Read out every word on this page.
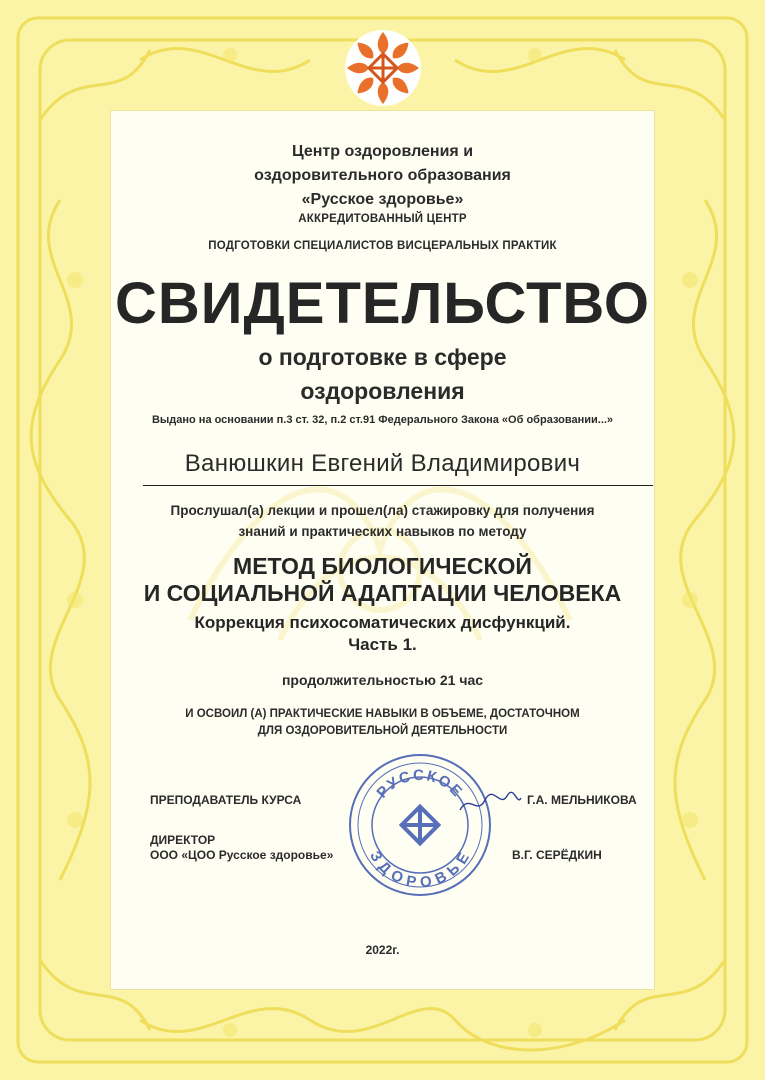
Центр оздоровления и
оздоровительного образования
«Русское здоровье»
АККРЕДИТОВАННЫЙ ЦЕНТР
ПОДГОТОВКИ СПЕЦИАЛИСТОВ ВИСЦЕРАЛЬНЫХ ПРАКТИК
СВИДЕТЕЛЬСТВО
о подготовке в сфере
оздоровления
Выдано на основании п.3 ст. 32, п.2 ст.91 Федерального Закона «Об образовании...»
Ванюшкин Евгений Владимирович
Прослушал(а) лекции и прошел(ла) стажировку для получения
знаний и практических навыков по методу
МЕТОД БИОЛОГИЧЕСКОЙ
И СОЦИАЛЬНОЙ АДАПТАЦИИ ЧЕЛОВЕКА
Коррекция психосоматических дисфункций.
Часть 1.
продолжительностью 21 час
И ОСВОИЛ (А) ПРАКТИЧЕСКИЕ НАВЫКИ В ОБЪЕМЕ, ДОСТАТОЧНОМ
ДЛЯ ОЗДОРОВИТЕЛЬНОЙ ДЕЯТЕЛЬНОСТИ
РУССКОЕ
ЗДОРОВЬЕ
ПРЕПОДАВАТЕЛЬ КУРСА	Г.А. МЕЛЬНИКОВА
ДИРЕКТОР
ООО «ЦОО Русское здоровье»	В.Г. СЕРЁДКИН
2022г.
